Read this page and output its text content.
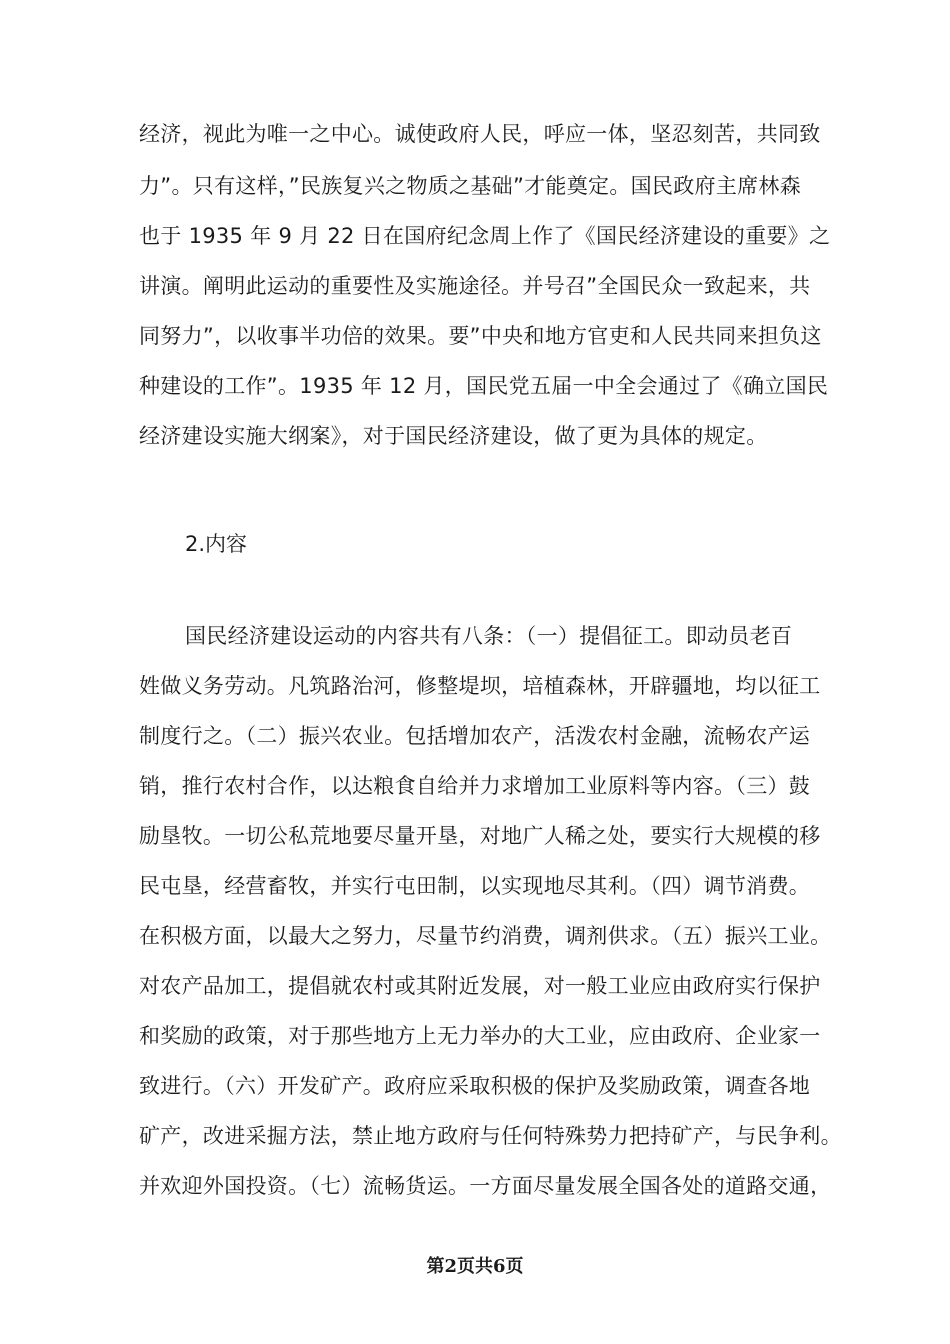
经济，视此为唯一之中心。诚使政府人民，呼应一体，坚忍刻苦，共同致
力”。只有这样，”民族复兴之物质之基础”才能奠定。国民政府主席林森
也于 1935 年 9 月 22 日在国府纪念周上作了《国民经济建设的重要》之
讲演。阐明此运动的重要性及实施途径。并号召”全国民众一致起来，共
同努力”，以收事半功倍的效果。要”中央和地方官吏和人民共同来担负这
种建设的工作”。1935 年 12 月，国民党五届一中全会通过了《确立国民
经济建设实施大纲案》，对于国民经济建设，做了更为具体的规定。
2.内容
国民经济建设运动的内容共有八条：（一）提倡征工。即动员老百
姓做义务劳动。凡筑路治河，修整堤坝，培植森林，开辟疆地，均以征工
制度行之。（二）振兴农业。包括增加农产，活泼农村金融，流畅农产运
销，推行农村合作，以达粮食自给并力求增加工业原料等内容。（三）鼓
励垦牧。一切公私荒地要尽量开垦，对地广人稀之处，要实行大规模的移
民屯垦，经营畜牧，并实行屯田制，以实现地尽其利。（四）调节消费。
在积极方面，以最大之努力，尽量节约消费，调剂供求。（五）振兴工业。
对农产品加工，提倡就农村或其附近发展，对一般工业应由政府实行保护
和奖励的政策，对于那些地方上无力举办的大工业，应由政府、企业家一
致进行。（六）开发矿产。政府应采取积极的保护及奖励政策，调查各地
矿产，改进采掘方法，禁止地方政府与任何特殊势力把持矿产，与民争利。
并欢迎外国投资。（七）流畅货运。一方面尽量发展全国各处的道路交通，
第2页共6页
